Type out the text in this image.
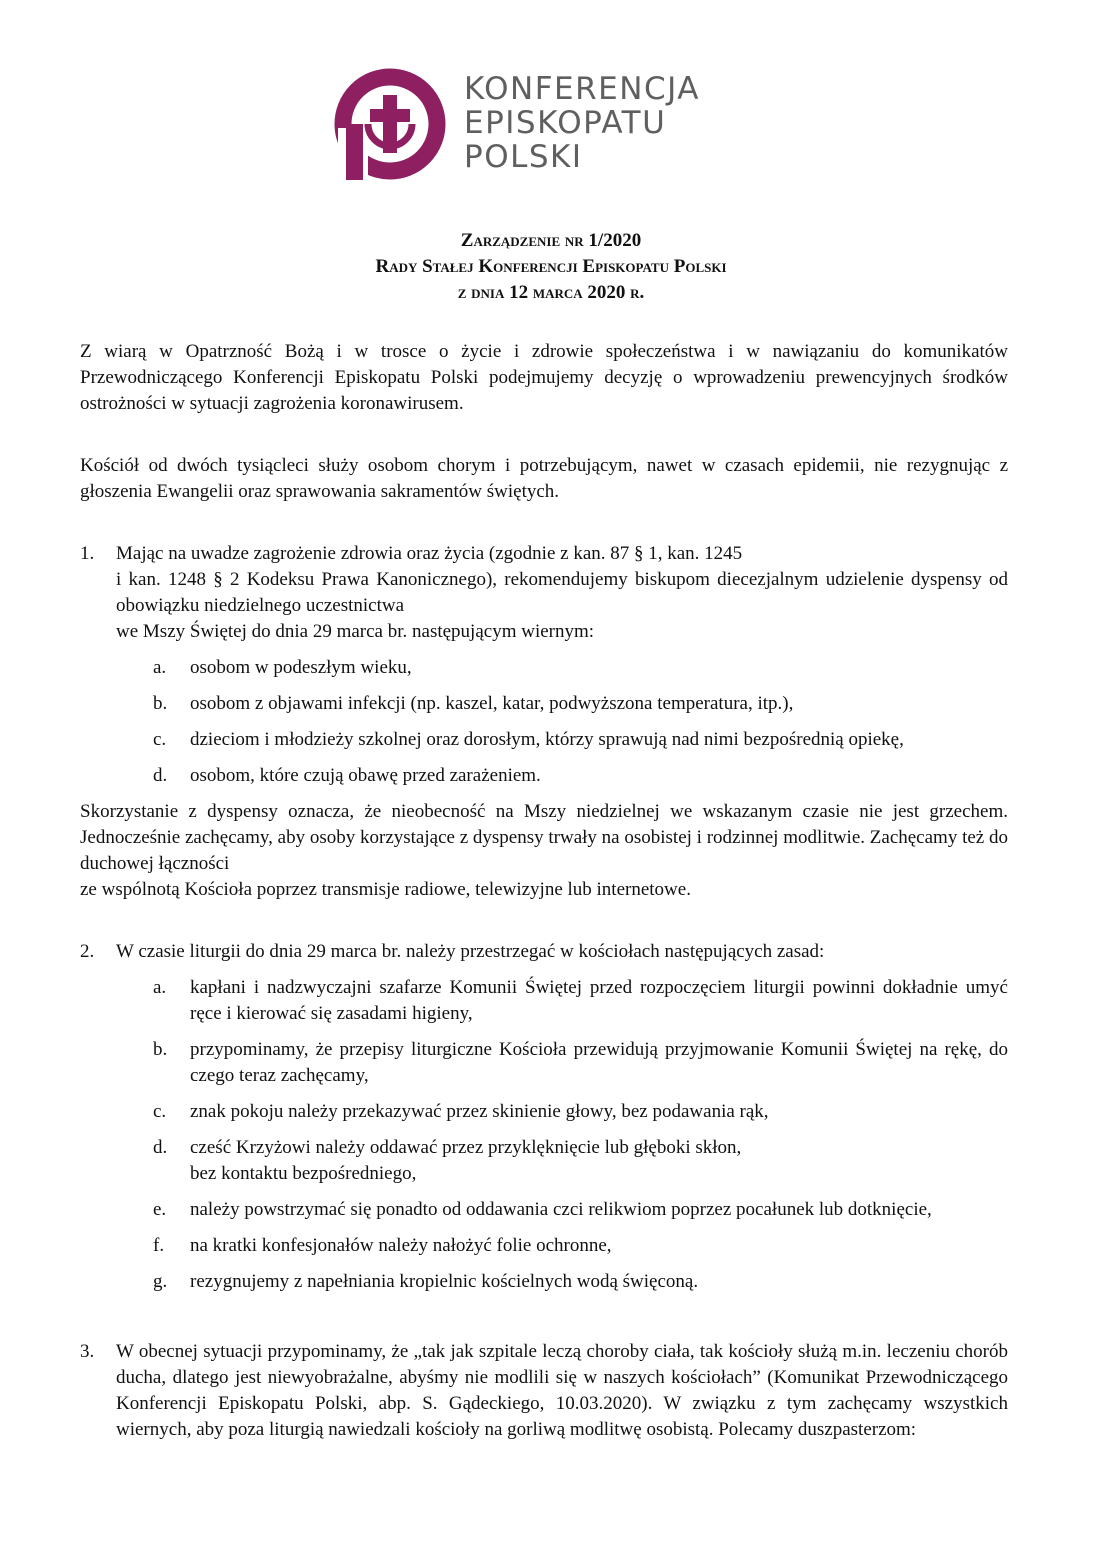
KONFERENCJA
EPISKOPATU
POLSKI
Zarządzenie nr 1/2020
Rady Stałej Konferencji Episkopatu Polski
z dnia 12 marca 2020 r.

Z wiarą w Opatrzność Bożą i w trosce o życie i zdrowie społeczeństwa i w nawiązaniu do komunikatów Przewodniczącego Konferencji Episkopatu Polski podejmujemy decyzję o wprowadzeniu prewencyjnych środków ostrożności w sytuacji zagrożenia koronawirusem.

Kościół od dwóch tysiącleci służy osobom chorym i potrzebującym, nawet w czasach epidemii, nie rezygnując z głoszenia Ewangelii oraz sprawowania sakramentów świętych.

1. Mając na uwadze zagrożenie zdrowia oraz życia (zgodnie z kan. 87 § 1, kan. 1245
i kan. 1248 § 2 Kodeksu Prawa Kanonicznego), rekomendujemy biskupom diecezjalnym udzielenie dyspensy od obowiązku niedzielnego uczestnictwa
we Mszy Świętej do dnia 29 marca br. następującym wiernym:
a. osobom w podeszłym wieku,
b. osobom z objawami infekcji (np. kaszel, katar, podwyższona temperatura, itp.),
c. dzieciom i młodzieży szkolnej oraz dorosłym, którzy sprawują nad nimi bezpośrednią opiekę,
d. osobom, które czują obawę przed zarażeniem.

Skorzystanie z dyspensy oznacza, że nieobecność na Mszy niedzielnej we wskazanym czasie nie jest grzechem. Jednocześnie zachęcamy, aby osoby korzystające z dyspensy trwały na osobistej i rodzinnej modlitwie. Zachęcamy też do duchowej łączności

ze wspólnotą Kościoła poprzez transmisje radiowe, telewizyjne lub internetowe.

2. W czasie liturgii do dnia 29 marca br. należy przestrzegać w kościołach następujących zasad:
a. kapłani i nadzwyczajni szafarze Komunii Świętej przed rozpoczęciem liturgii powinni dokładnie umyć ręce i kierować się zasadami higieny,
b. przypominamy, że przepisy liturgiczne Kościoła przewidują przyjmowanie Komunii Świętej na rękę, do czego teraz zachęcamy,
c. znak pokoju należy przekazywać przez skinienie głowy, bez podawania rąk,
d. cześć Krzyżowi należy oddawać przez przyklęknięcie lub głęboki skłon,
bez kontaktu bezpośredniego,
e. należy powstrzymać się ponadto od oddawania czci relikwiom poprzez pocałunek lub dotknięcie,
f. na kratki konfesjonałów należy nałożyć folie ochronne,
g. rezygnujemy z napełniania kropielnic kościelnych wodą święconą.
3. W obecnej sytuacji przypominamy, że „tak jak szpitale leczą choroby ciała, tak kościoły służą m.in. leczeniu chorób ducha, dlatego jest niewyobrażalne, abyśmy nie modlili się w naszych kościołach” (Komunikat Przewodniczącego Konferencji Episkopatu Polski, abp. S. Gądeckiego, 10.03.2020). W związku z tym zachęcamy wszystkich wiernych, aby poza liturgią nawiedzali kościoły na gorliwą modlitwę osobistą. Polecamy duszpasterzom:
